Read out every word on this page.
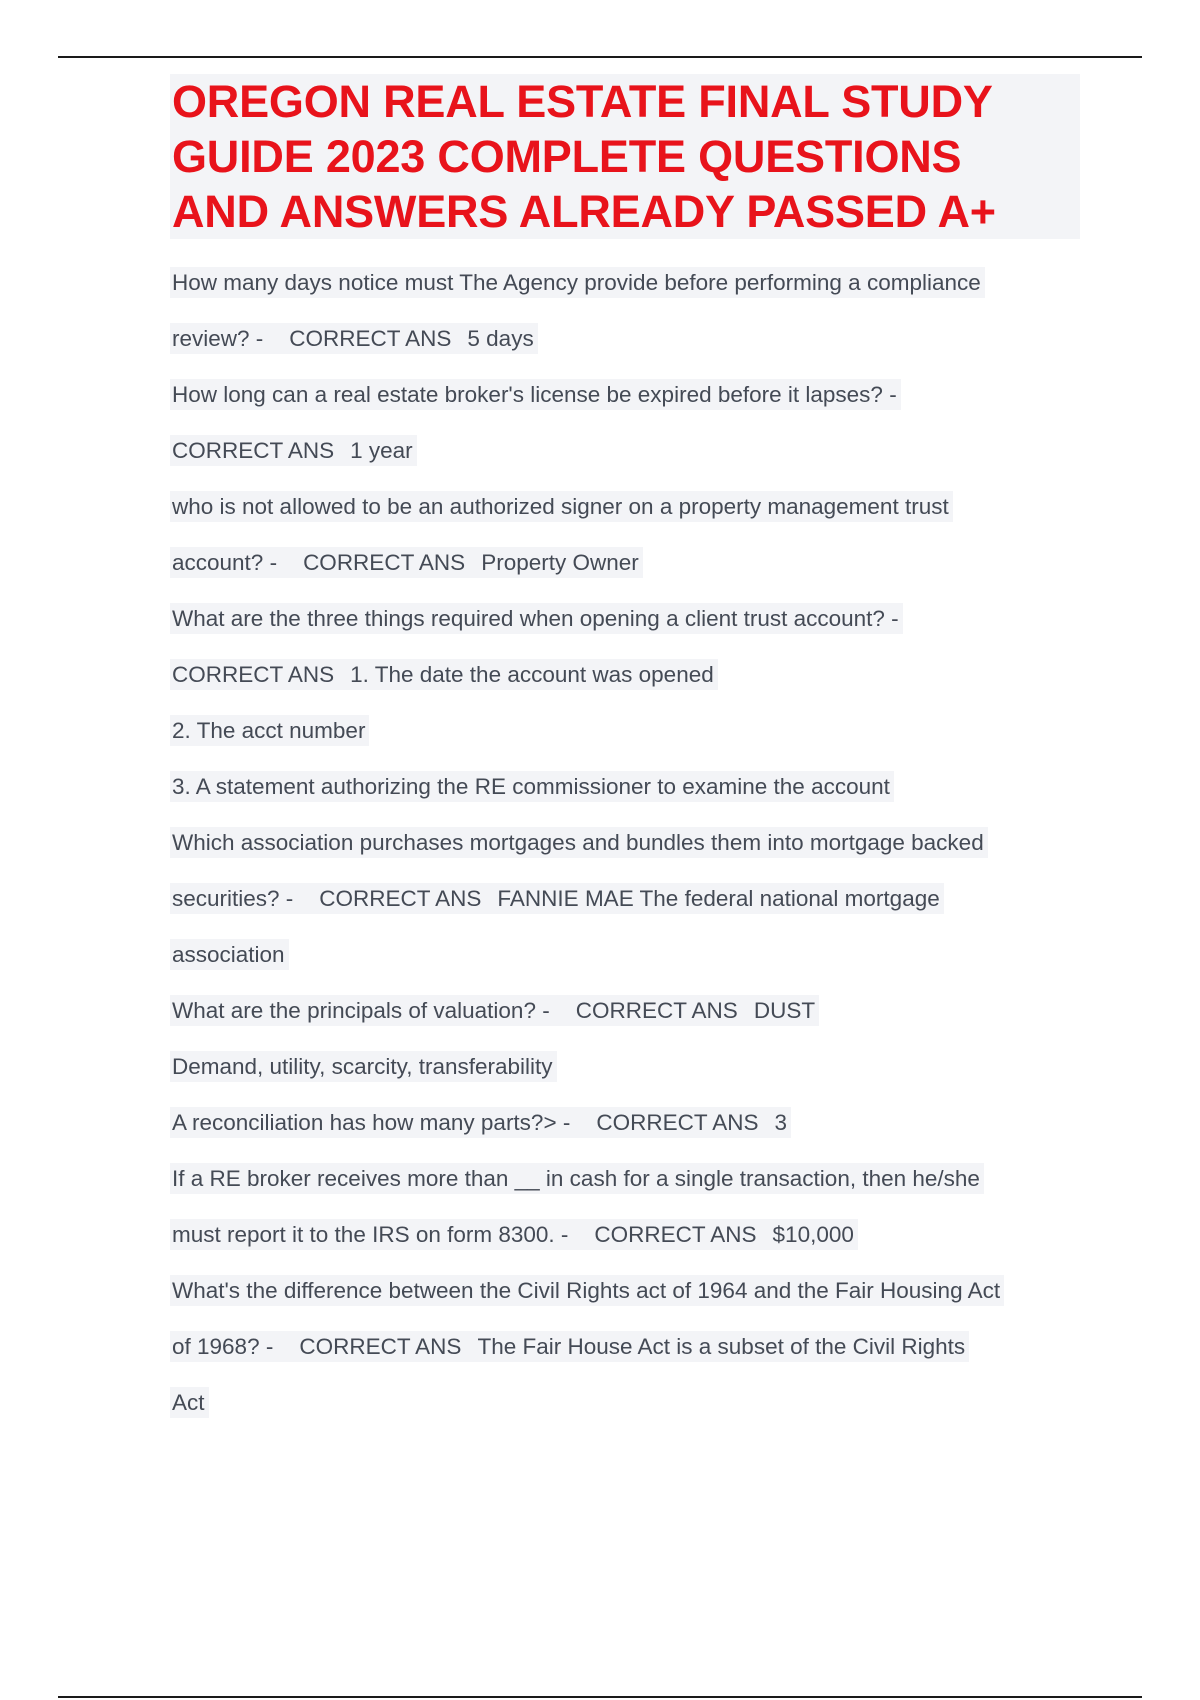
OREGON REAL ESTATE FINAL STUDY
GUIDE 2023 COMPLETE QUESTIONS
AND ANSWERS ALREADY PASSED A+
How many days notice must The Agency provide before performing a compliance
review? - CORRECT ANS 5 days
How long can a real estate broker's license be expired before it lapses? -
CORRECT ANS 1 year
who is not allowed to be an authorized signer on a property management trust
account? - CORRECT ANS Property Owner
What are the three things required when opening a client trust account? -
CORRECT ANS 1. The date the account was opened
2. The acct number
3. A statement authorizing the RE commissioner to examine the account
Which association purchases mortgages and bundles them into mortgage backed
securities? - CORRECT ANS FANNIE MAE The federal national mortgage
association
What are the principals of valuation? - CORRECT ANS DUST
Demand, utility, scarcity, transferability
A reconciliation has how many parts?> - CORRECT ANS 3
If a RE broker receives more than __ in cash for a single transaction, then he/she
must report it to the IRS on form 8300. - CORRECT ANS $10,000
What's the difference between the Civil Rights act of 1964 and the Fair Housing Act
of 1968? - CORRECT ANS The Fair House Act is a subset of the Civil Rights
Act
